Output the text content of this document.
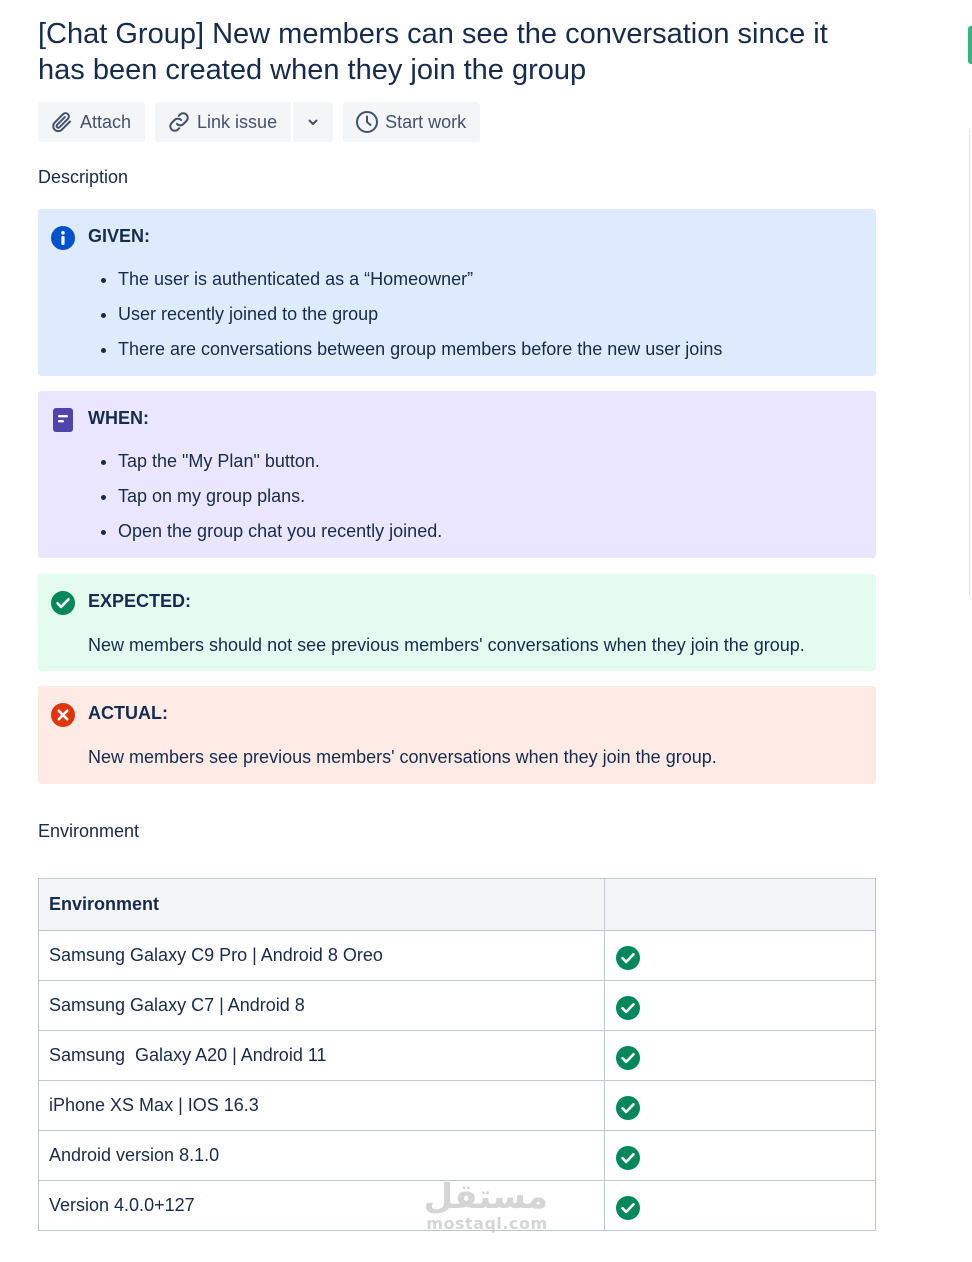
[Chat Group] New members can see the conversation since it has been created when they join the group
Attach	Link issue	Start work
Description
GIVEN:
• The user is authenticated as a “Homeowner”
• User recently joined to the group
• There are conversations between group members before the new user joins
WHEN:
• Tap the "My Plan" button.
• Tap on my group plans.
• Open the group chat you recently joined.
EXPECTED:
New members should not see previous members' conversations when they join the group.
ACTUAL:
New members see previous members' conversations when they join the group.
Environment
Environment	
Samsung Galaxy C9 Pro | Android 8 Oreo	
Samsung Galaxy C7 | Android 8	
Samsung  Galaxy A20 | Android 11	
iPhone XS Max | IOS 16.3	
Android version 8.1.0	
Version 4.0.0+127		مستقل
mostaql.com
